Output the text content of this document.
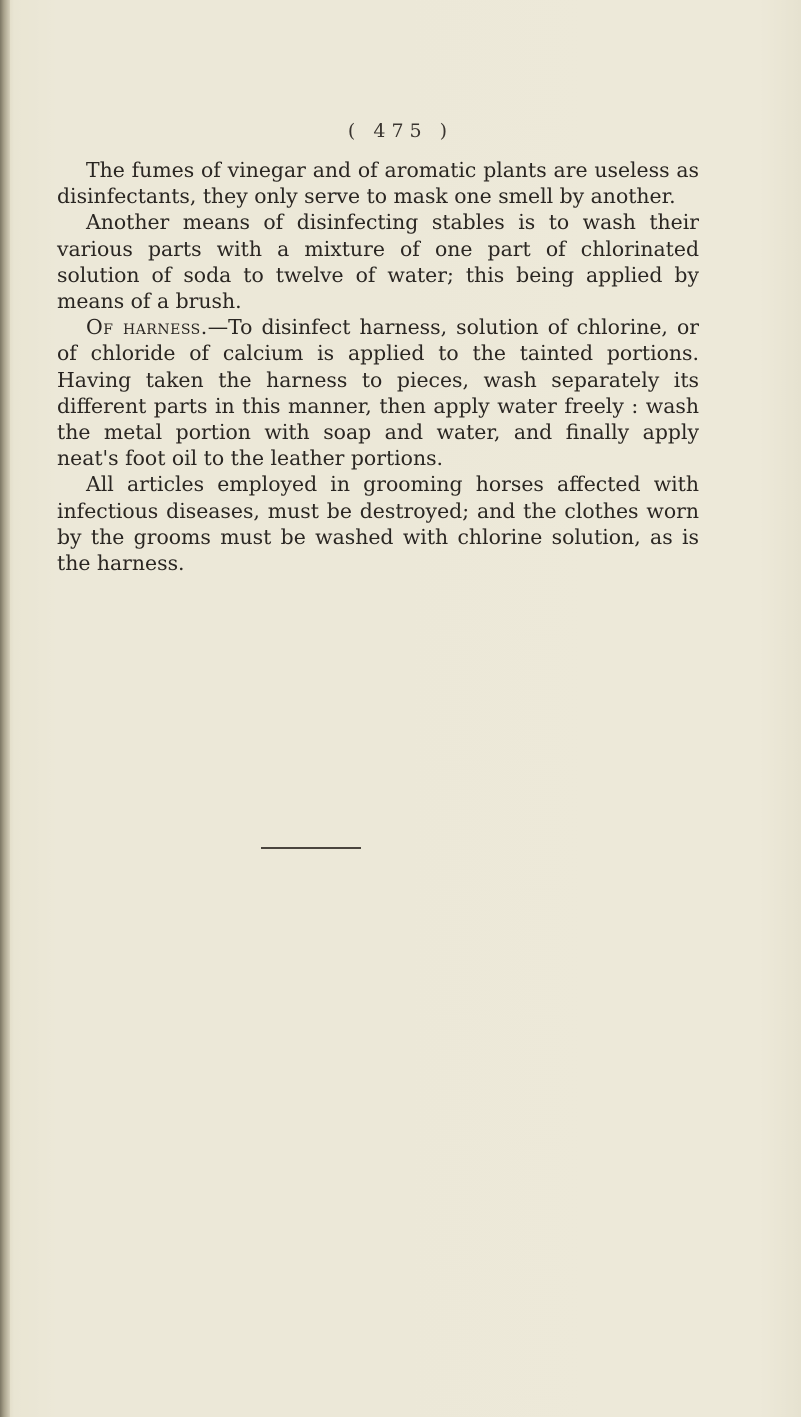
( 475 )

The fumes of vinegar and of aromatic plants are useless as disinfectants, they only serve to mask one smell by another.

Another means of disinfecting stables is to wash their various parts with a mixture of one part of chlorinated solution of soda to twelve of water; this being applied by means of a brush.

Of harness.—To disinfect harness, solution of chlorine, or of chloride of calcium is applied to the tainted portions. Having taken the harness to pieces, wash separately its different parts in this manner, then apply water freely : wash the metal portion with soap and water, and finally apply neat's foot oil to the leather portions.

All articles employed in grooming horses affected with infectious diseases, must be destroyed; and the clothes worn by the grooms must be washed with chlorine solution, as is the harness.
